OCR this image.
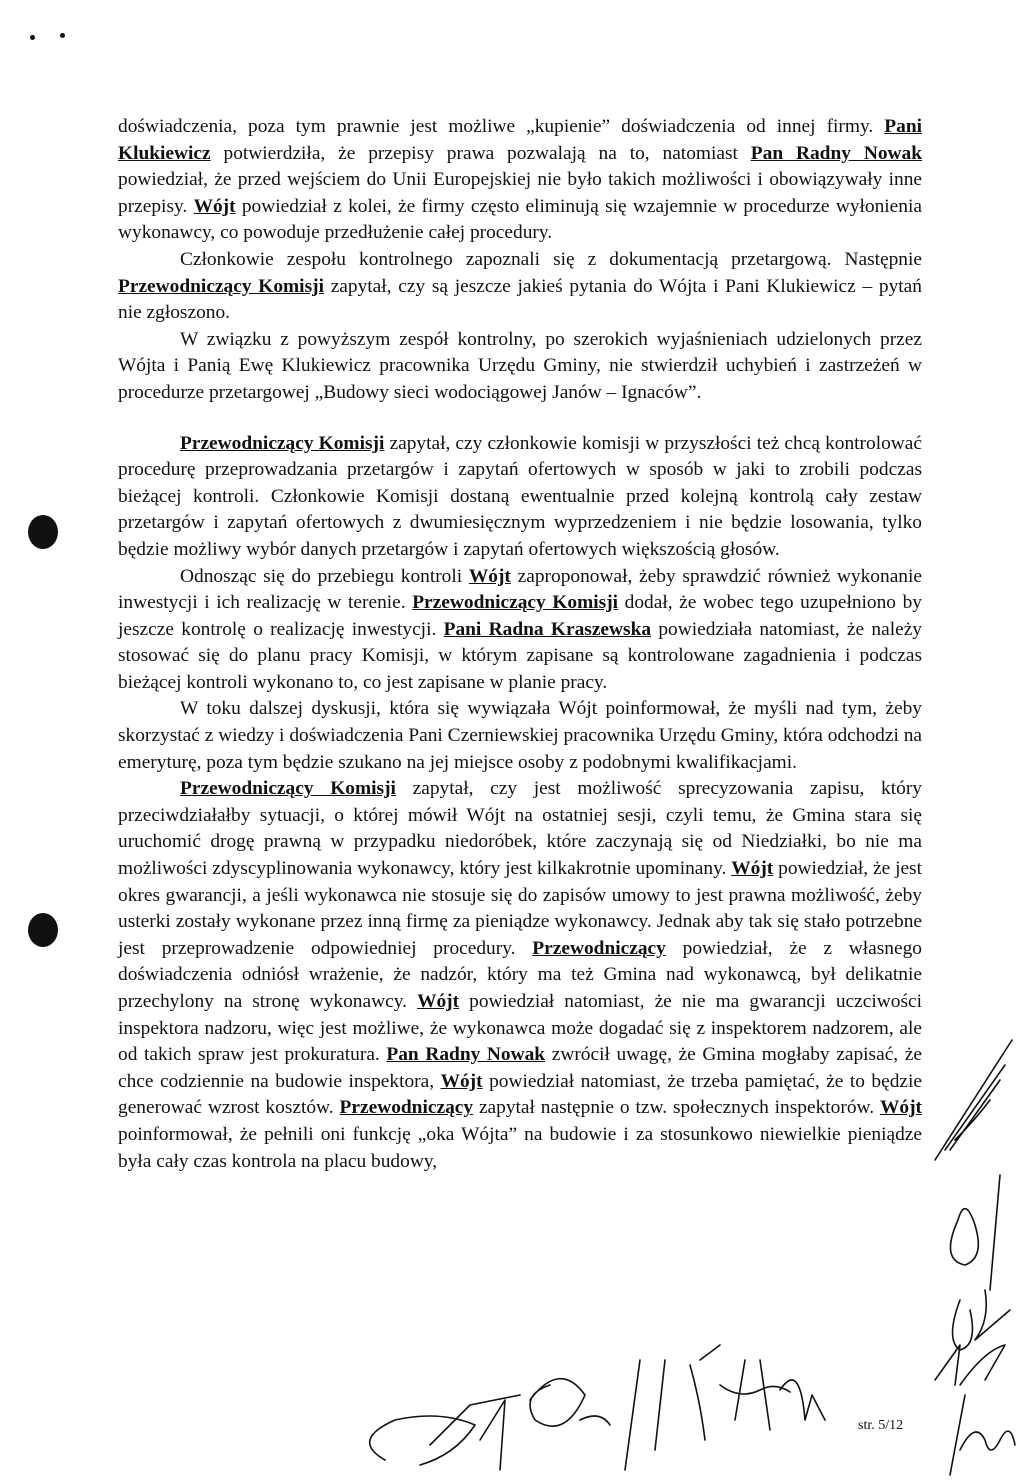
doświadczenia, poza tym prawnie jest możliwe „kupienie” doświadczenia od innej firmy. Pani Klukiewicz potwierdziła, że przepisy prawa pozwalają na to, natomiast Pan Radny Nowak powiedział, że przed wejściem do Unii Europejskiej nie było takich możliwości i obowiązywały inne przepisy. Wójt powiedział z kolei, że firmy często eliminują się wzajemnie w procedurze wyłonienia wykonawcy, co powoduje przedłużenie całej procedury.

Członkowie zespołu kontrolnego zapoznali się z dokumentacją przetargową. Następnie Przewodniczący Komisji zapytał, czy są jeszcze jakieś pytania do Wójta i Pani Klukiewicz – pytań nie zgłoszono.

W związku z powyższym zespół kontrolny, po szerokich wyjaśnieniach udzielonych przez Wójta i Panią Ewę Klukiewicz pracownika Urzędu Gminy, nie stwierdził uchybień i zastrzeżeń w procedurze przetargowej „Budowy sieci wodociągowej Janów – Ignaców”.

Przewodniczący Komisji zapytał, czy członkowie komisji w przyszłości też chcą kontrolować procedurę przeprowadzania przetargów i zapytań ofertowych w sposób w jaki to zrobili podczas bieżącej kontroli. Członkowie Komisji dostaną ewentualnie przed kolejną kontrolą cały zestaw przetargów i zapytań ofertowych z dwumiesięcznym wyprzedzeniem i nie będzie losowania, tylko będzie możliwy wybór danych przetargów i zapytań ofertowych większością głosów.

Odnosząc się do przebiegu kontroli Wójt zaproponował, żeby sprawdzić również wykonanie inwestycji i ich realizację w terenie. Przewodniczący Komisji dodał, że wobec tego uzupełniono by jeszcze kontrolę o realizację inwestycji. Pani Radna Kraszewska powiedziała natomiast, że należy stosować się do planu pracy Komisji, w którym zapisane są kontrolowane zagadnienia i podczas bieżącej kontroli wykonano to, co jest zapisane w planie pracy.

W toku dalszej dyskusji, która się wywiązała Wójt poinformował, że myśli nad tym, żeby skorzystać z wiedzy i doświadczenia Pani Czerniewskiej pracownika Urzędu Gminy, która odchodzi na emeryturę, poza tym będzie szukano na jej miejsce osoby z podobnymi kwalifikacjami.

Przewodniczący Komisji zapytał, czy jest możliwość sprecyzowania zapisu, który przeciwdziałałby sytuacji, o której mówił Wójt na ostatniej sesji, czyli temu, że Gmina stara się uruchomić drogę prawną w przypadku niedoróbek, które zaczynają się od Niedziałki, bo nie ma możliwości zdyscyplinowania wykonawcy, który jest kilkakrotnie upominany. Wójt powiedział, że jest okres gwarancji, a jeśli wykonawca nie stosuje się do zapisów umowy to jest prawna możliwość, żeby usterki zostały wykonane przez inną firmę za pieniądze wykonawcy. Jednak aby tak się stało potrzebne jest przeprowadzenie odpowiedniej procedury. Przewodniczący powiedział, że z własnego doświadczenia odniósł wrażenie, że nadzór, który ma też Gmina nad wykonawcą, był delikatnie przechylony na stronę wykonawcy. Wójt powiedział natomiast, że nie ma gwarancji uczciwości inspektora nadzoru, więc jest możliwe, że wykonawca może dogadać się z inspektorem nadzorem, ale od takich spraw jest prokuratura. Pan Radny Nowak zwrócił uwagę, że Gmina mogłaby zapisać, że chce codziennie na budowie inspektora, Wójt powiedział natomiast, że trzeba pamiętać, że to będzie generować wzrost kosztów. Przewodniczący zapytał następnie o tzw. społecznych inspektorów. Wójt poinformował, że pełnili oni funkcję „oka Wójta” na budowie i za stosunkowo niewielkie pieniądze była cały czas kontrola na placu budowy,

str. 5/12
